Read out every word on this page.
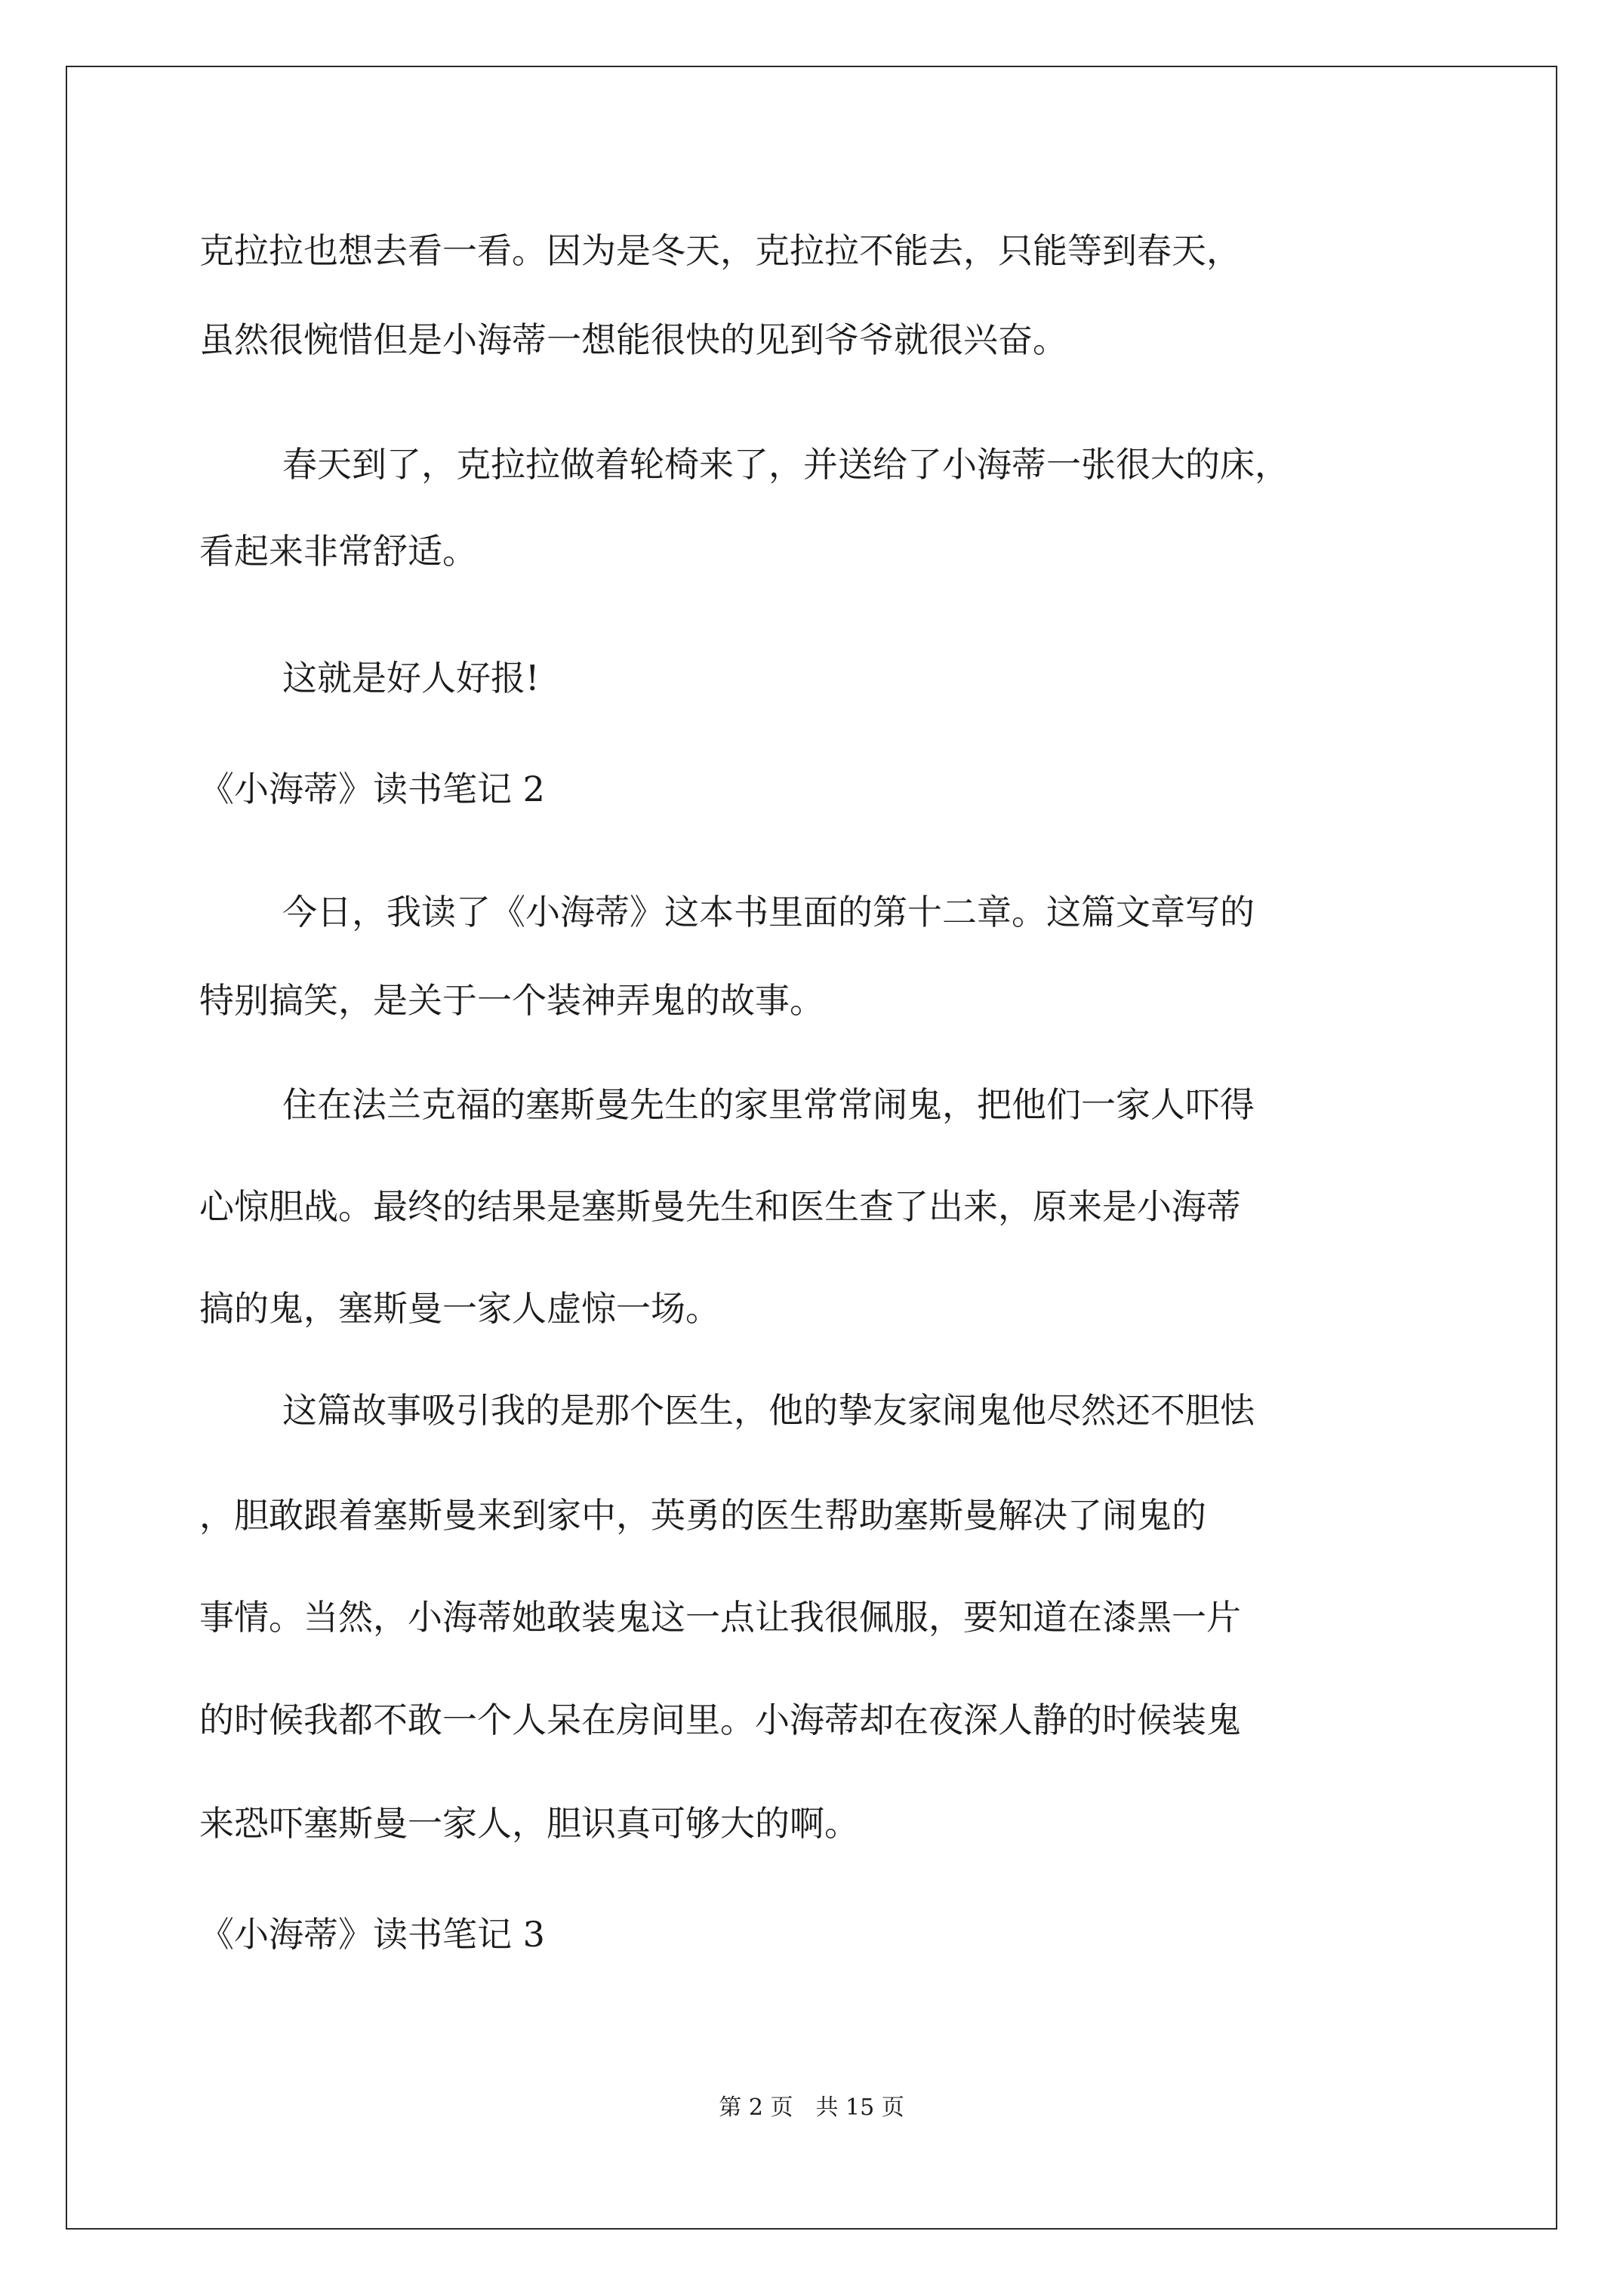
克拉拉也想去看一看。因为是冬天，克拉拉不能去，只能等到春天，
虽然很惋惜但是小海蒂一想能很快的见到爷爷就很兴奋。
春天到了，克拉拉做着轮椅来了，并送给了小海蒂一张很大的床，
看起来非常舒适。
这就是好人好报!
《小海蒂》读书笔记 2
今日，我读了《小海蒂》这本书里面的第十二章。这篇文章写的
特别搞笑，是关于一个装神弄鬼的故事。
住在法兰克福的塞斯曼先生的家里常常闹鬼，把他们一家人吓得
心惊胆战。最终的结果是塞斯曼先生和医生查了出来，原来是小海蒂
搞的鬼，塞斯曼一家人虚惊一场。
这篇故事吸引我的是那个医生，他的挚友家闹鬼他尽然还不胆怯
，胆敢跟着塞斯曼来到家中，英勇的医生帮助塞斯曼解决了闹鬼的
事情。当然，小海蒂她敢装鬼这一点让我很佩服，要知道在漆黑一片
的时候我都不敢一个人呆在房间里。小海蒂却在夜深人静的时候装鬼
来恐吓塞斯曼一家人，胆识真可够大的啊。
《小海蒂》读书笔记 3
第 2 页　共 15 页
